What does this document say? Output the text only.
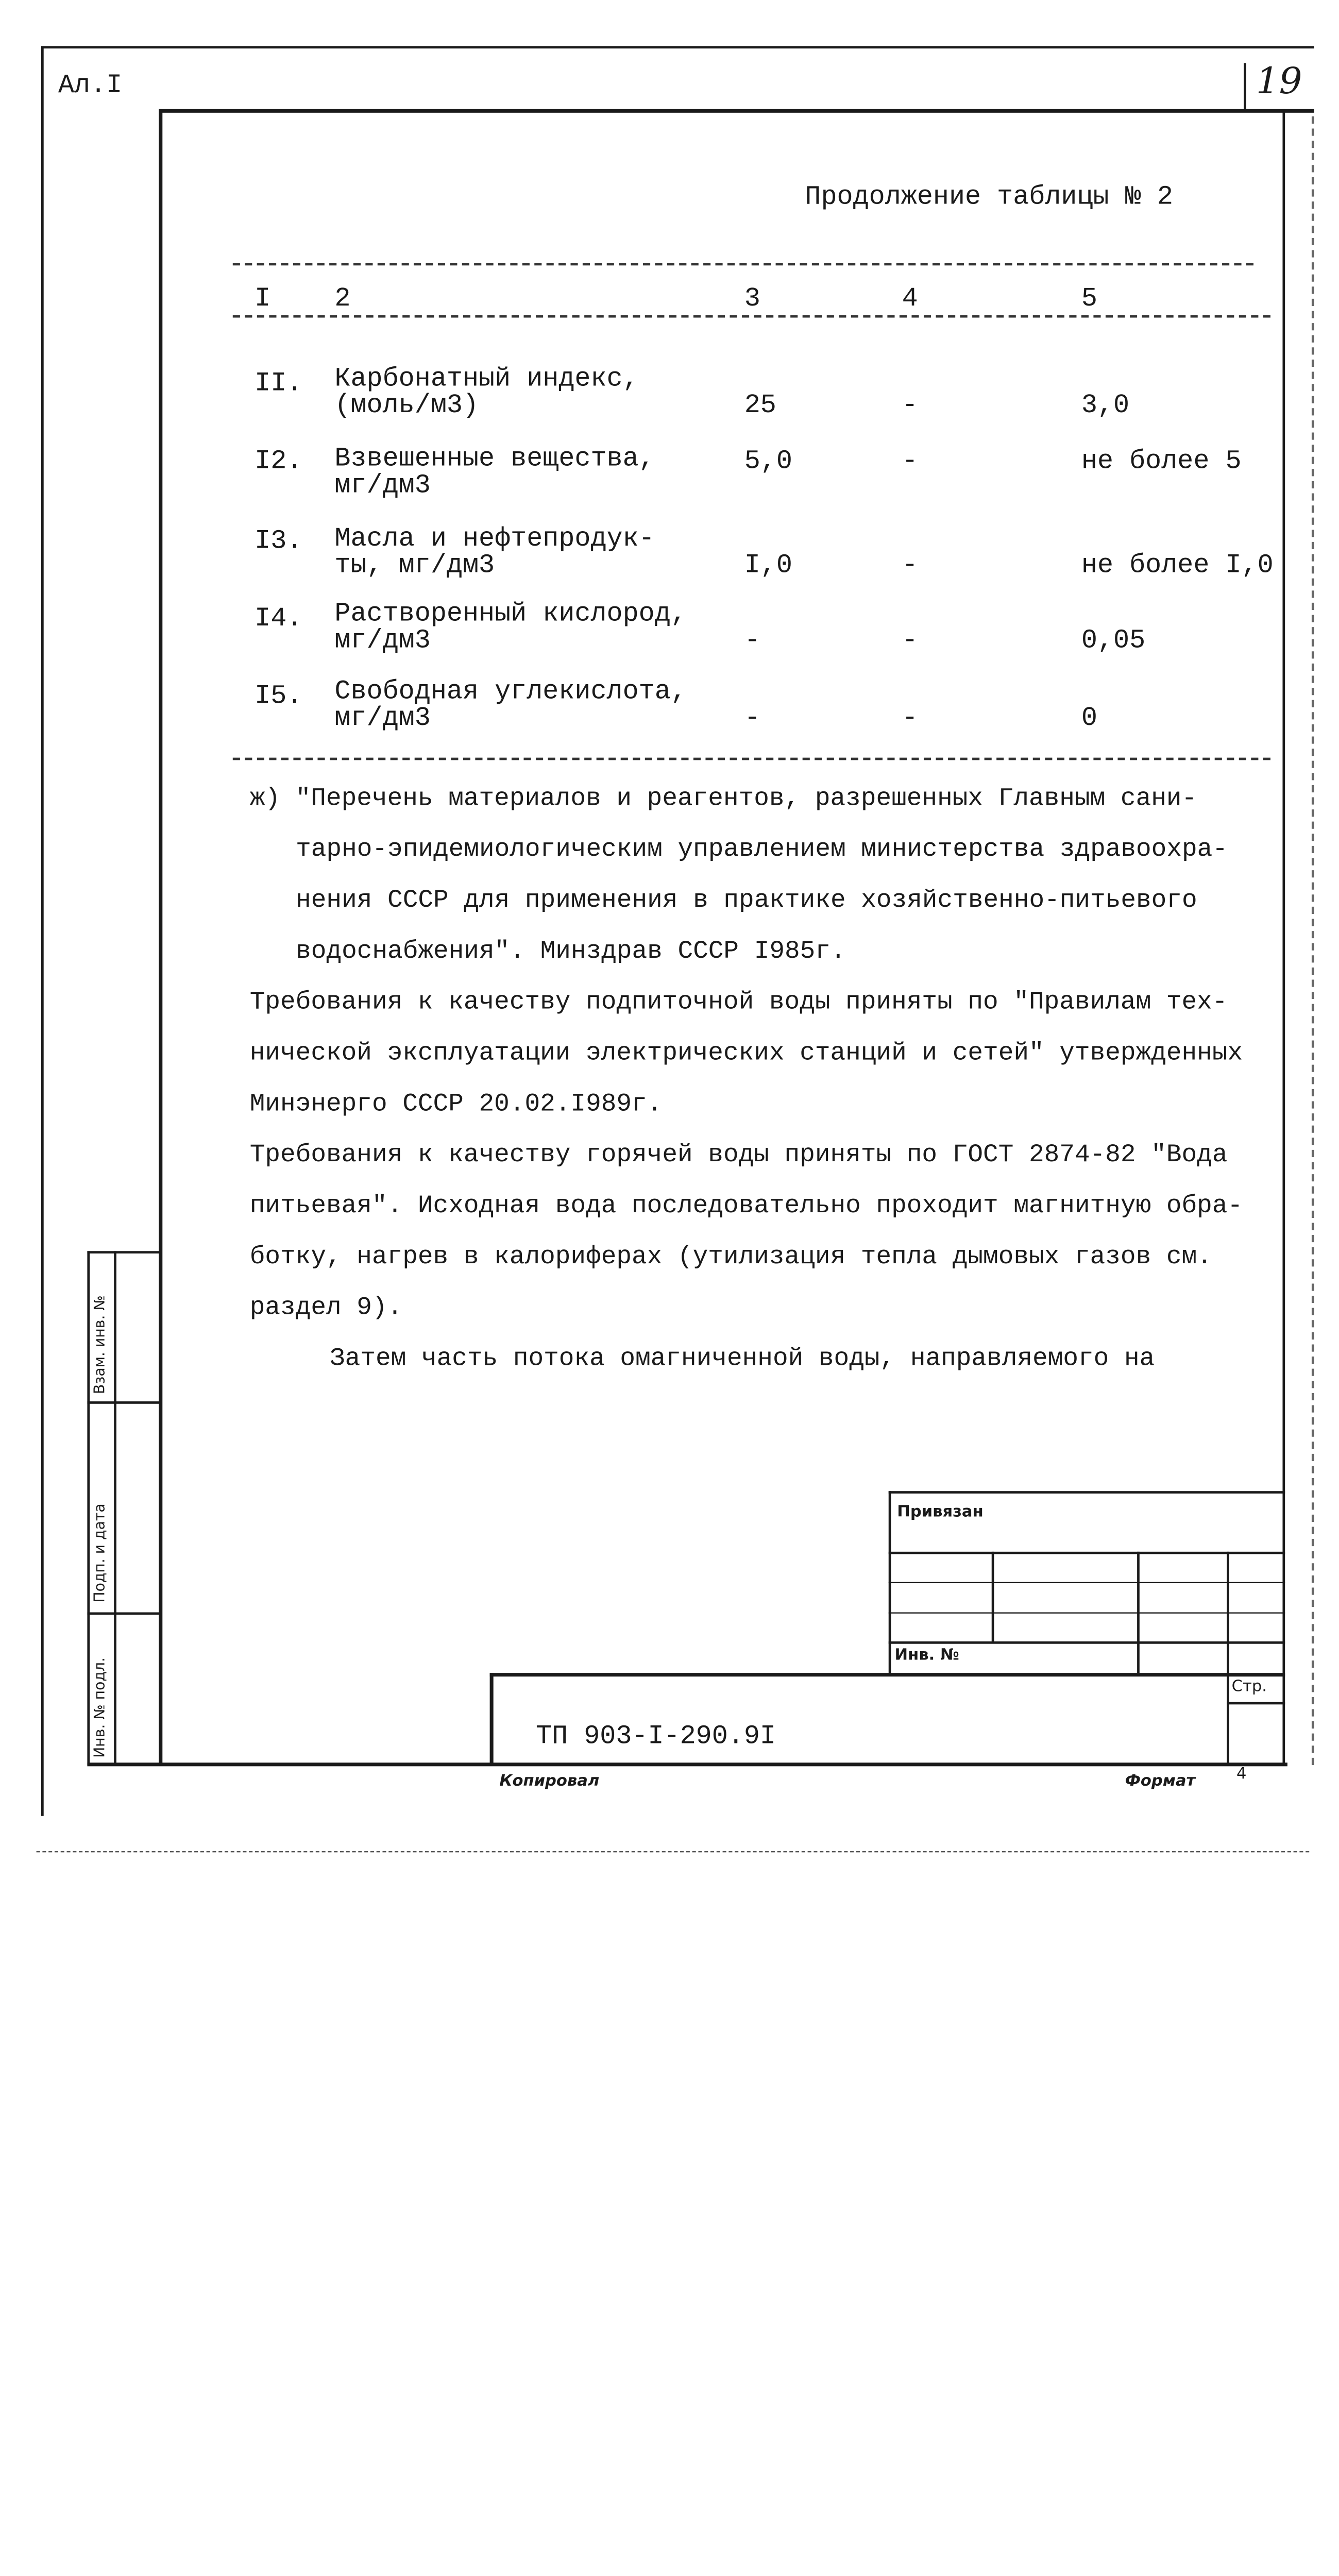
Ал.I	19
Продолжение таблицы № 2
I	2	3	4	5
II.	Карбонатный индекс,
(моль/м3)	25	-	3,0
I2.	Взвешенные вещества,
мг/дм3
5,0	-	не более 5
I3.	Масла и нефтепродук-
ты, мг/дм3	I,0	-	не более I,0
I4.	Растворенный кислород,
мг/дм3	-	-	0,05
I5.	Свободная углекислота,
мг/дм3	-	-	0
ж) "Перечень материалов и реагентов, разрешенных Главным сани-
тарно-эпидемиологическим управлением министерства здравоохра-
нения СССР для применения в практике хозяйственно-питьевого
водоснабжения". Минздрав СССР I985г.
Требования к качеству подпиточной воды приняты по "Правилам тех-
нической эксплуатации электрических станций и сетей" утвержденных
Минэнерго СССР 20.02.I989г.
Требования к качеству горячей воды приняты по ГОСТ 2874-82 "Вода
питьевая". Исходная вода последовательно проходит магнитную обра-
ботку, нагрев в калориферах (утилизация тепла дымовых газов см.
раздел 9).
Затем часть потока омагниченной воды, направляемого на
Инв. № подл.
Подп. и дата
Взам. инв. №
Привязан
Инв. №
Стр.
ТП 903-I-290.9I
Копировал	Формат	4
